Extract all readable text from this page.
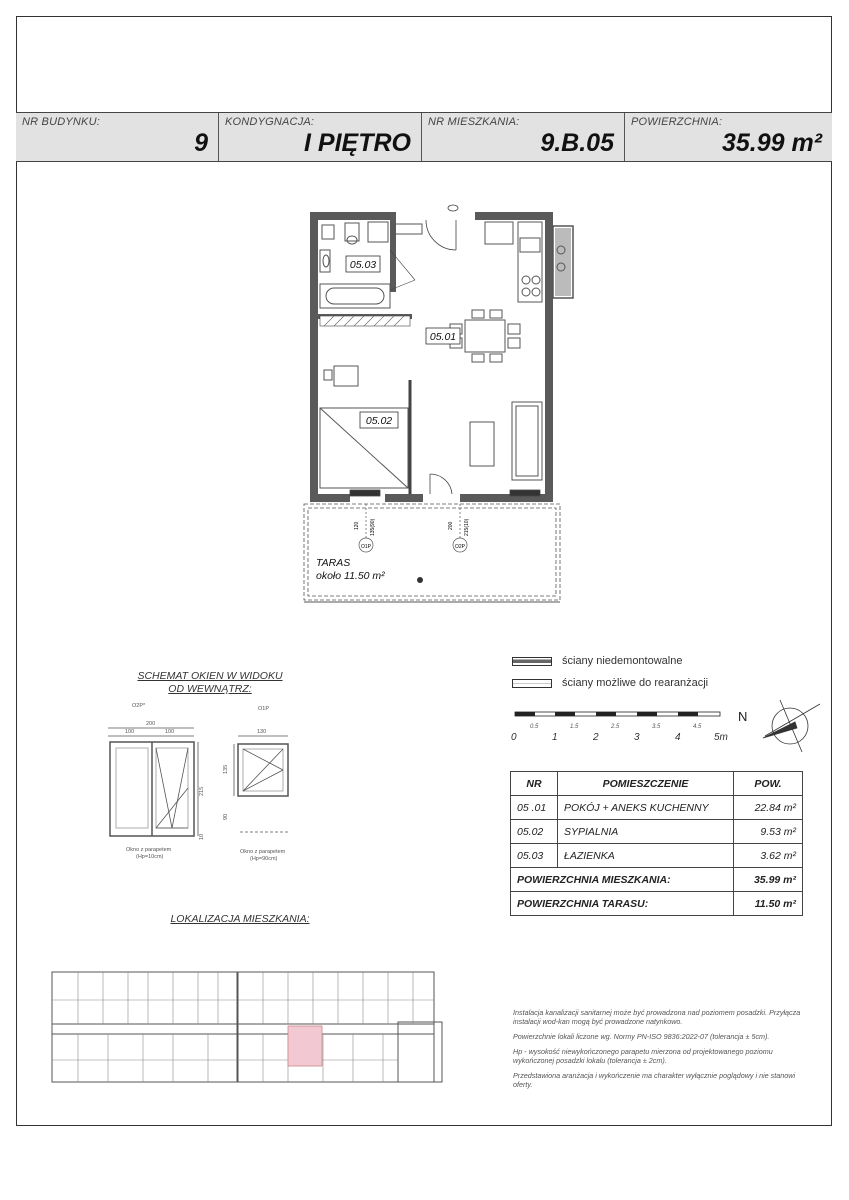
NR BUDYNKU:
9
KONDYGNACJA:
I PIĘTRO
NR MIESZKANIA:
9.B.05
POWIERZCHNIA:
35.99 m²
05.03
05.01
05.02
O1P	O2P
120 135(90)	200 215(10)
TARAS
około 11.50 m²
ściany niedemontowalne
ściany możliwe do rearanżacji
0	1	2	3	4	5m
0.5	1.5	2.5	3.5	4.5
N
NR	POMIESZCZENIE	POW.
05 .01	POKÓJ + ANEKS KUCHENNY	22.84 m²
05.02	SYPIALNIA	9.53 m²
05.03	ŁAZIENKA	3.62 m²
POWIERZCHNIA MIESZKANIA:		35.99 m²
POWIERZCHNIA TARASU:		11.50 m²
SCHEMAT OKIEN W WIDOKU
OD WEWNĄTRZ:
O2P*
200
100	100
215
10
Okno z parapetem
(Hp=10cm)
O1P
130
135
90
Okno z parapetem
(Hp=90cm)
LOKALIZACJA MIESZKANIA:

Instalacja kanalizacji sanitarnej może być prowadzona nad poziomem posadzki. Przyłącza instalacji wod-kan mogą być prowadzone natynkowo.

Powierzchnie lokali liczone wg. Normy PN-ISO 9836:2022-07 (tolerancja ± 5cm).

Hp - wysokość niewykończonego parapetu mierzona od projektowanego poziomu wykończonej posadzki lokalu (tolerancja ± 2cm).

Przedstawiona aranżacja i wykończenie ma charakter wyłącznie poglądowy i nie stanowi oferty.
